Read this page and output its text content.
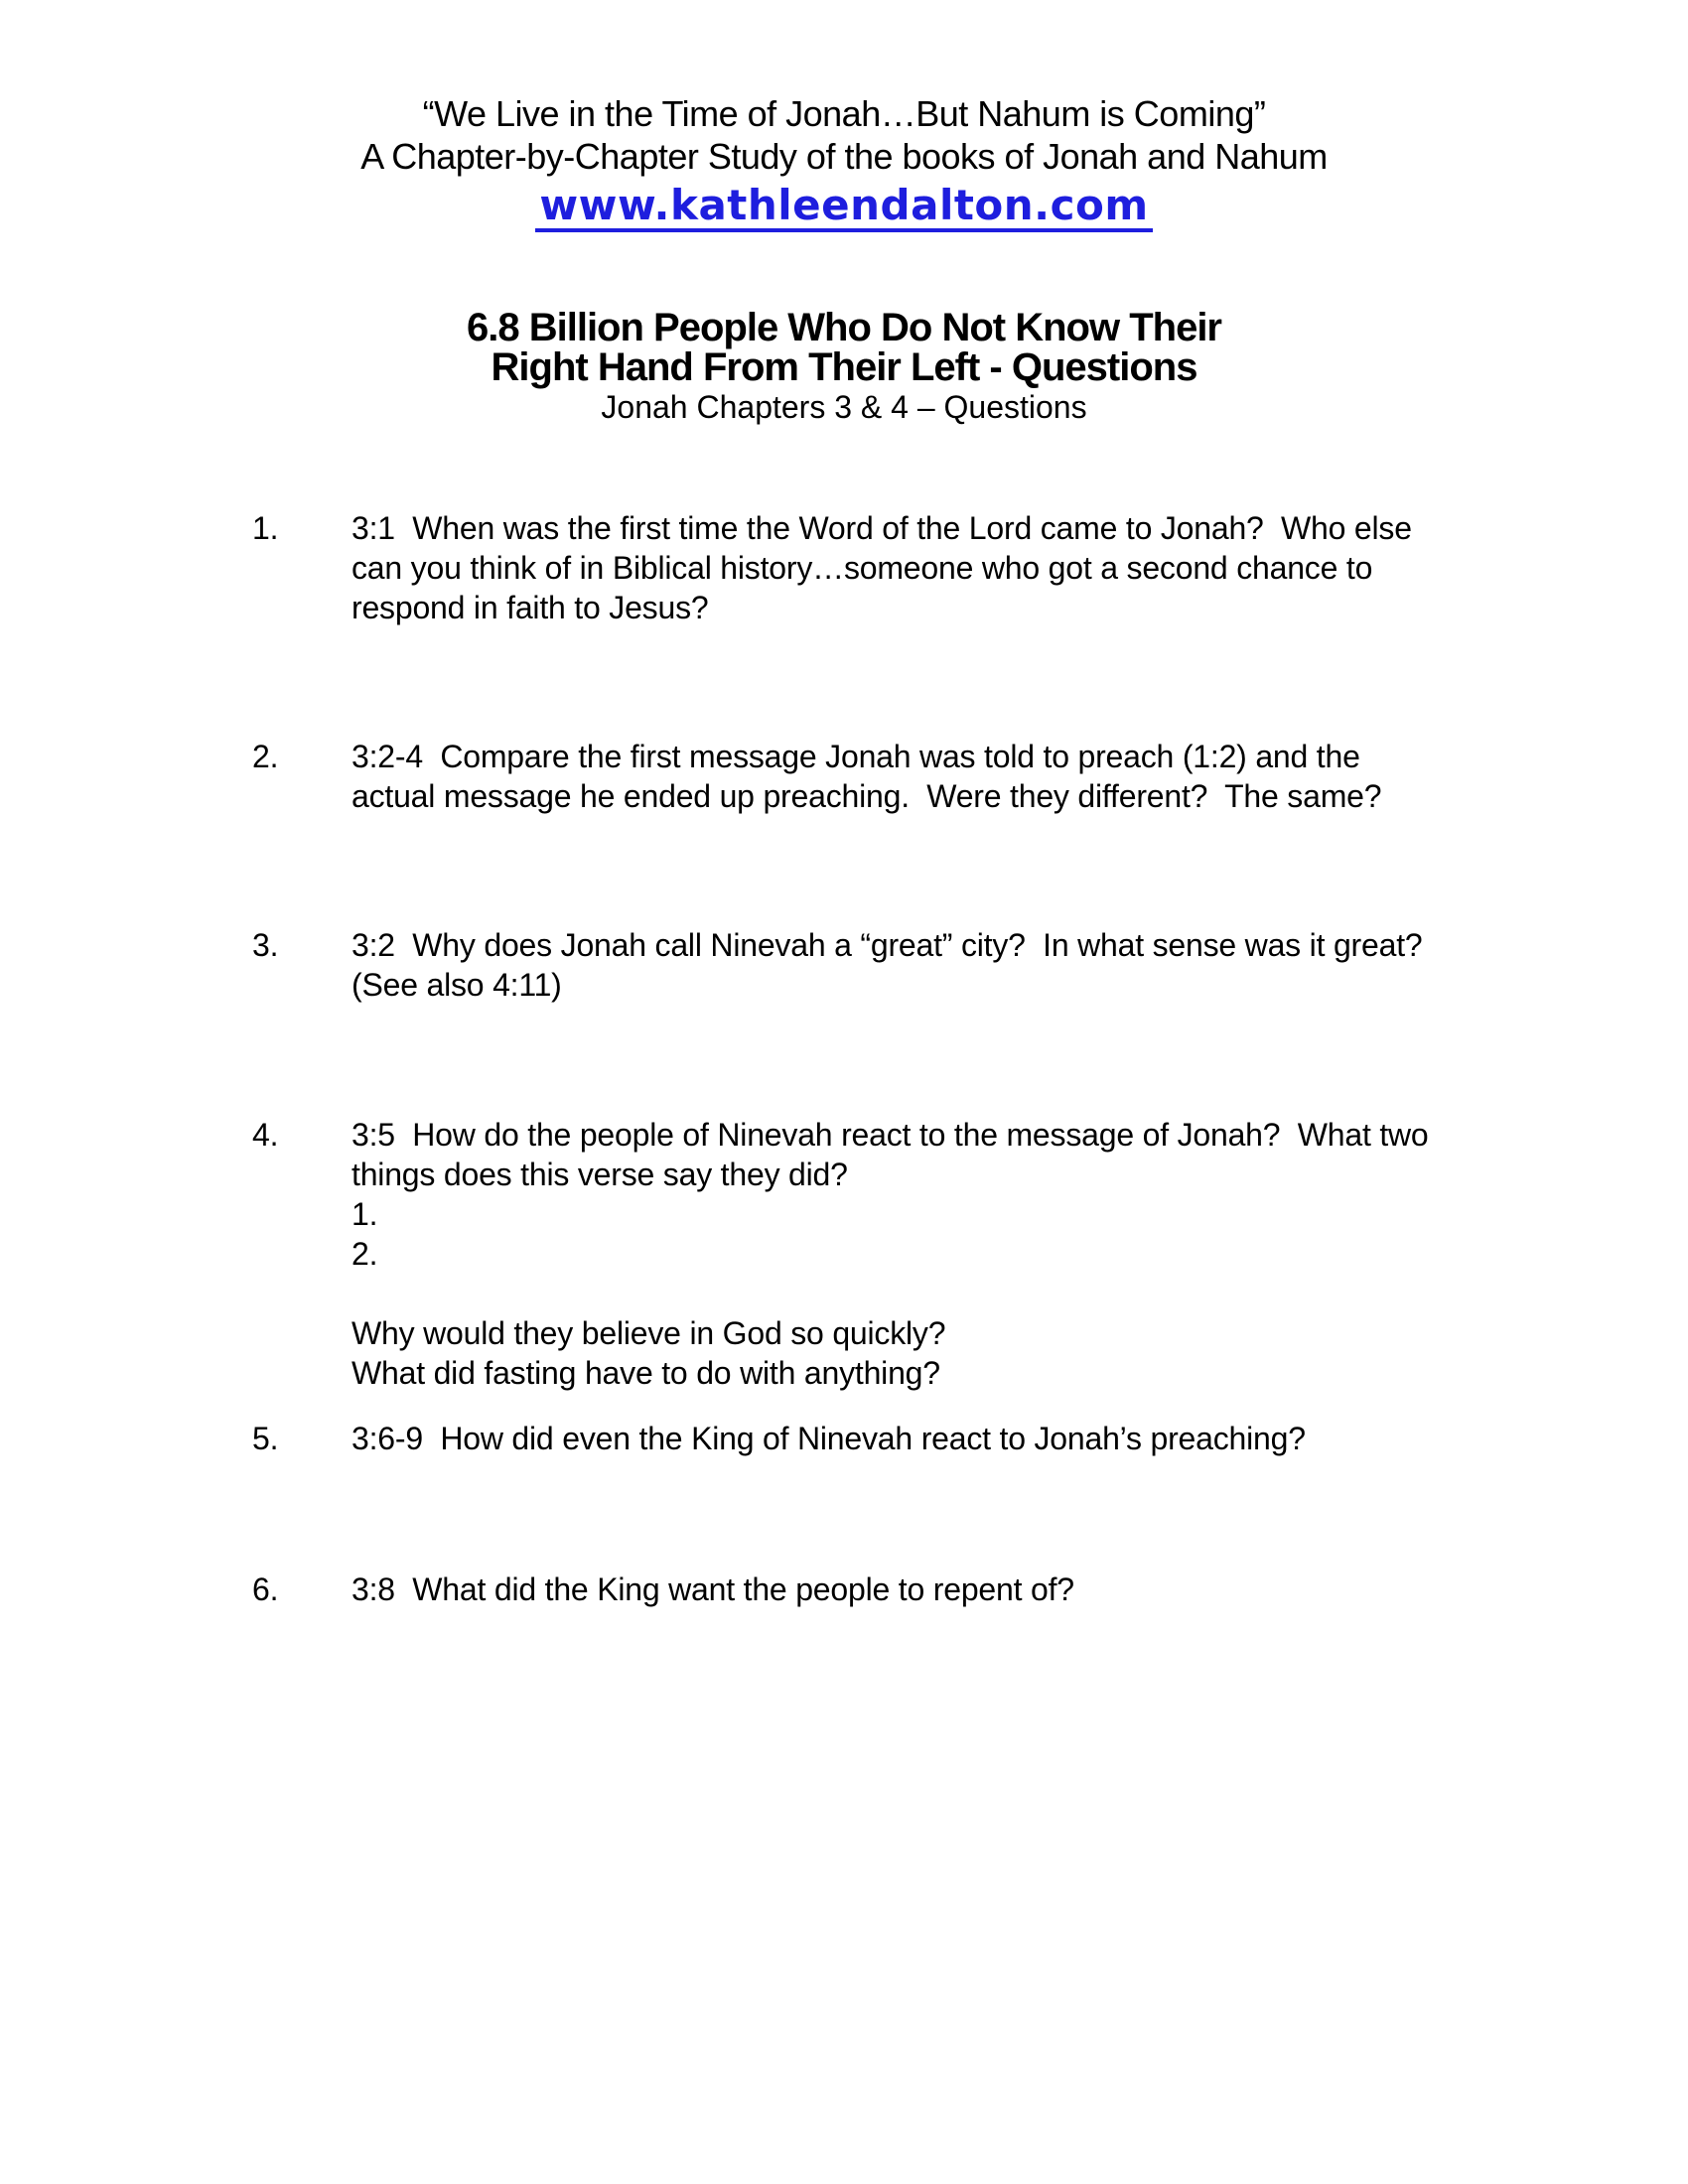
“We Live in the Time of Jonah…But Nahum is Coming”
A Chapter-by-Chapter Study of the books of Jonah and Nahum
www.kathleendalton.com
6.8 Billion People Who Do Not Know Their
Right Hand From Their Left - Questions
Jonah Chapters 3 & 4 – Questions
1. 3:1  When was the first time the Word of the Lord came to Jonah?  Who else
can you think of in Biblical history…someone who got a second chance to
respond in faith to Jesus?
2. 3:2-4  Compare the first message Jonah was told to preach (1:2) and the
actual message he ended up preaching.  Were they different?  The same?
3. 3:2  Why does Jonah call Ninevah a “great” city?  In what sense was it great?
(See also 4:11)
4. 3:5  How do the people of Ninevah react to the message of Jonah?  What two
things does this verse say they did?
1.
2.
Why would they believe in God so quickly?
What did fasting have to do with anything?
5. 3:6-9  How did even the King of Ninevah react to Jonah’s preaching?
6. 3:8  What did the King want the people to repent of?
